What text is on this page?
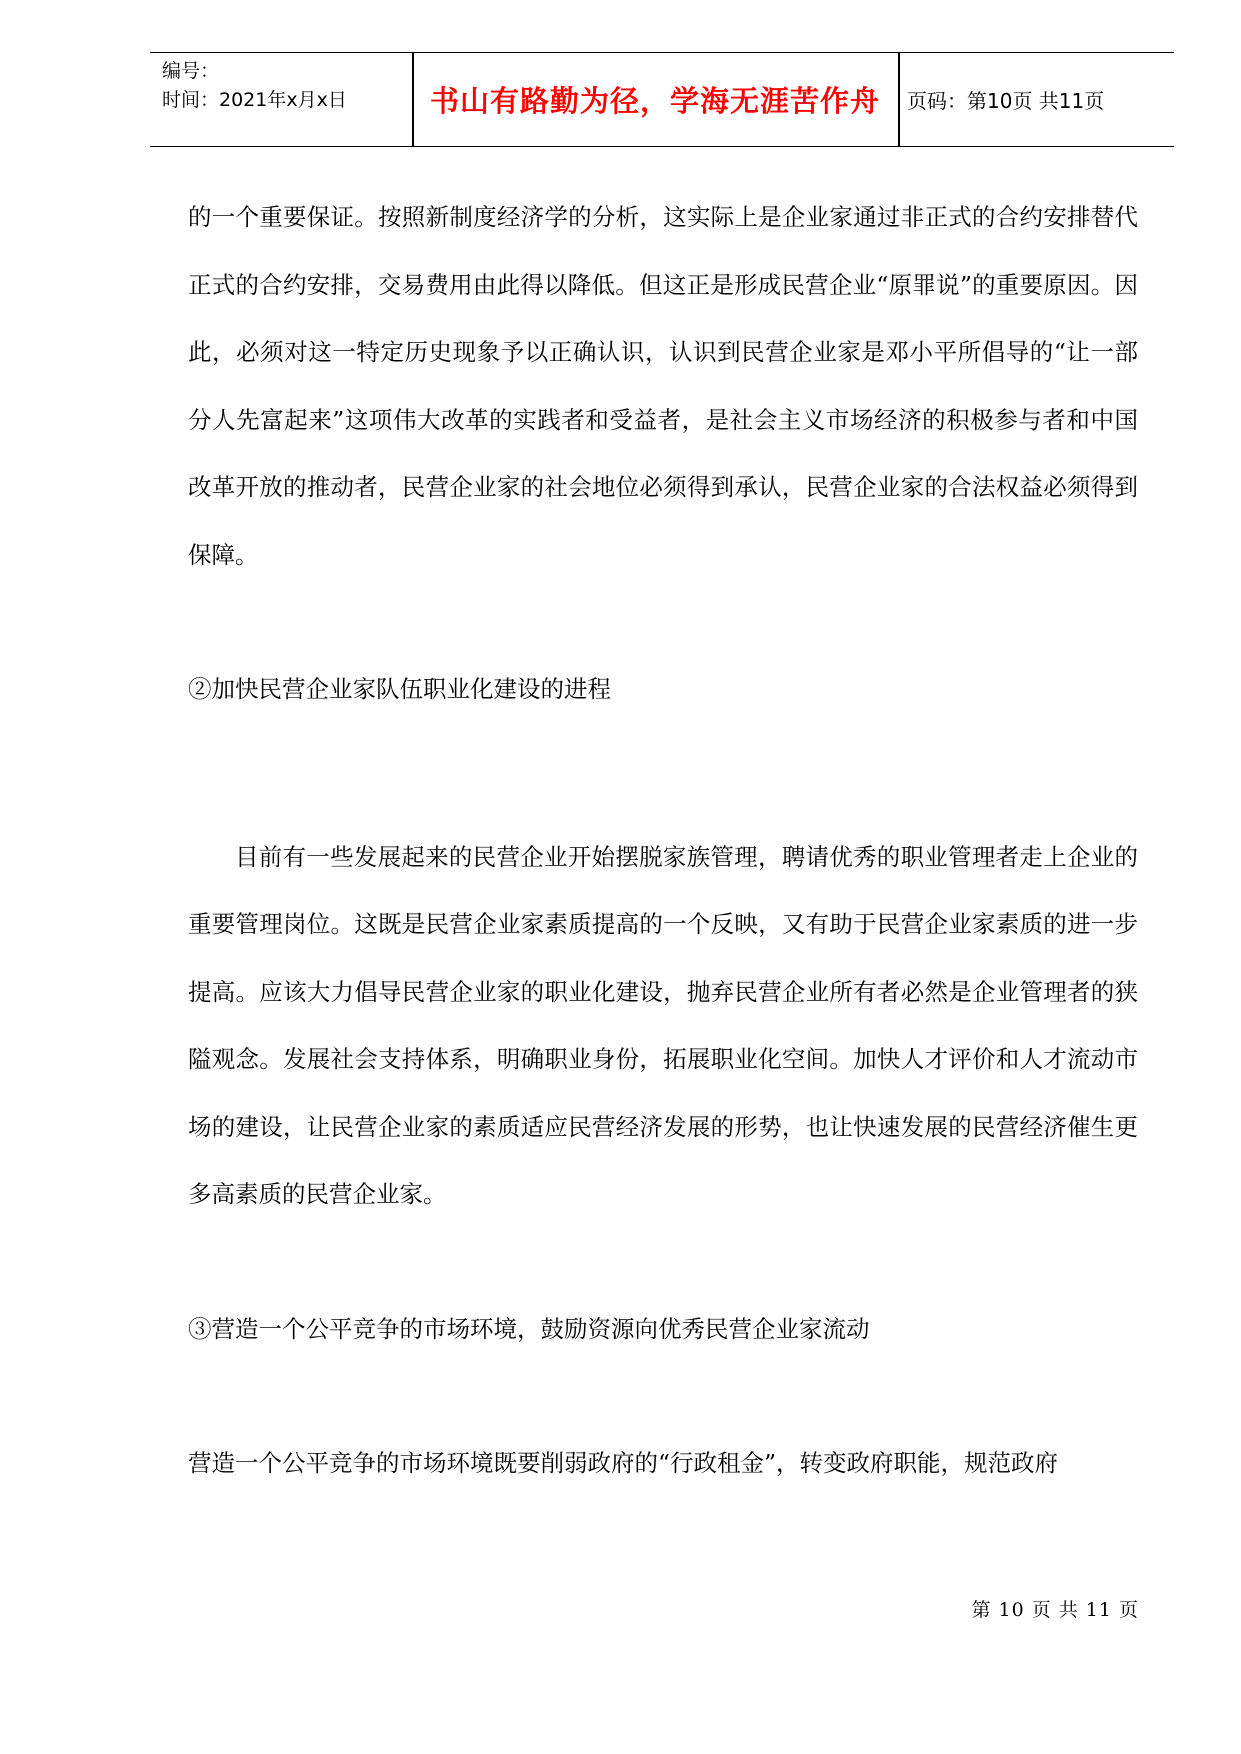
编号：
时间：2021年x月x日	书山有路勤为径，学海无涯苦作舟	页码：第10页 共11页
的一个重要保证。按照新制度经济学的分析，这实际上是企业家通过非正式的合约安排替代正式的合约安排，交易费用由此得以降低。但这正是形成民营企业“原罪说”的重要原因。因此，必须对这一特定历史现象予以正确认识，认识到民营企业家是邓小平所倡导的“让一部分人先富起来”这项伟大改革的实践者和受益者，是社会主义市场经济的积极参与者和中国改革开放的推动者，民营企业家的社会地位必须得到承认，民营企业家的合法权益必须得到保障。
②加快民营企业家队伍职业化建设的进程
目前有一些发展起来的民营企业开始摆脱家族管理，聘请优秀的职业管理者走上企业的重要管理岗位。这既是民营企业家素质提高的一个反映，又有助于民营企业家素质的进一步提高。应该大力倡导民营企业家的职业化建设，抛弃民营企业所有者必然是企业管理者的狭隘观念。发展社会支持体系，明确职业身份，拓展职业化空间。加快人才评价和人才流动市场的建设，让民营企业家的素质适应民营经济发展的形势，也让快速发展的民营经济催生更多高素质的民营企业家。
③营造一个公平竞争的市场环境，鼓励资源向优秀民营企业家流动
营造一个公平竞争的市场环境既要削弱政府的“行政租金”，转变政府职能，规范政府
第 10 页 共 11 页
